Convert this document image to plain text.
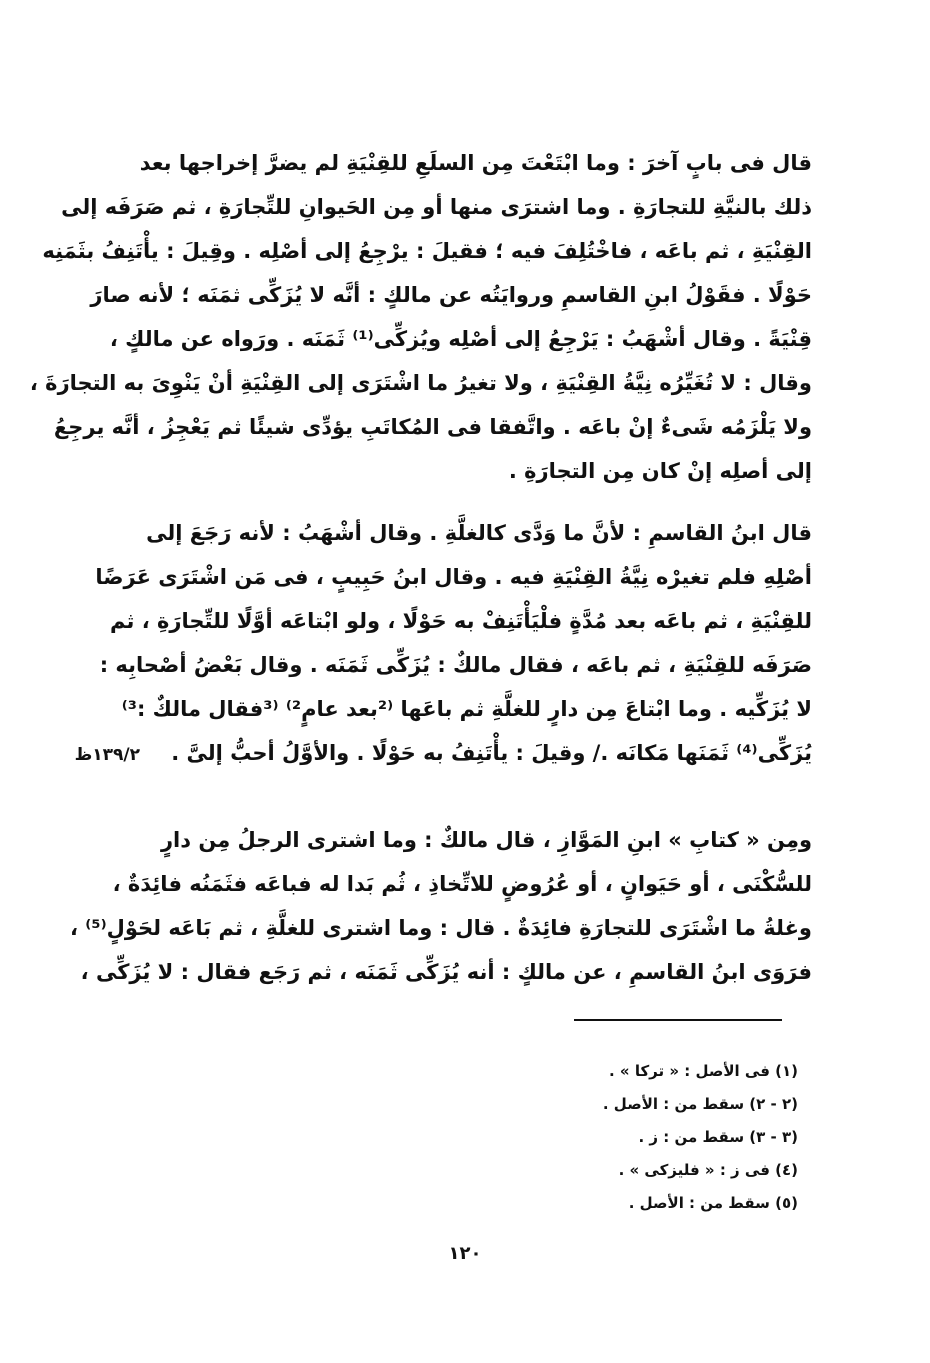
قال فى بابٍ آخرَ : وما ابْتَعْتَ مِن السلَعِ للقِنْيَةِ لم يضرَّ إخراجها بعد
ذلك بالنيَّةِ للتجارَةِ . وما اشترَى منها أو مِن الحَيوانِ للتِّجارَةِ ، ثم صَرَفَه إلى
القِنْيَةِ ، ثم باعَه ، فاخْتُلِفَ فيه ؛ فقيلَ : يرْجِعُ إلى أصْلِه . وقِيلَ : يأْتَنِفُ بثَمَنِه
حَوْلًا . فقَوْلُ ابنِ القاسمِ وروايَتُه عن مالكٍ : أنَّه لا يُزَكِّى ثمَنَه ؛ لأنه صارَ
قِنْيَةً . وقال أشْهَبُ : يَرْجِعُ إلى أصْلِه ويُزكِّى⁽¹⁾ ثَمَنَه . ورَواه عن مالكٍ ،
وقال : لا تُغَيِّرُه نِيَّةُ القِنْيَةِ ، ولا تغيرُ ما اشْتَرَى إلى القِنْيَةِ أنْ يَنْوِىَ به التجارَةَ ،
ولا يَلْزَمُه شَىءٌ إنْ باعَه . واتَّفقا فى المُكاتَبِ يؤدِّى شيئًا ثم يَعْجِزُ ، أنَّه يرجِعُ
إلى أصلِه إنْ كان مِن التجارَةِ .
قال ابنُ القاسمِ : لأنَّ ما وَدَّى كالغلَّةِ . وقال أشْهَبُ : لأنه رَجَعَ إلى
أصْلِهِ فلم تغيرْه نِيَّةُ القِنْيَةِ فيه . وقال ابنُ حَبِيبٍ ، فى مَن اشْتَرَى عَرَضًا
للقِنْيَةِ ، ثم باعَه بعد مُدَّةٍ فلْيَأْتَنِفْ به حَوْلًا ، ولو ابْتاعَه أوَّلًا للتِّجارَةِ ، ثم
صَرَفَه للقِنْيَةِ ، ثم باعَه ، فقال مالكٌ : يُزَكِّى ثَمَنَه . وقال بَعْضُ أصْحابِه :
لا يُزَكِّيه . وما ابْتاعَ مِن دارٍ للغلَّةِ ثم باعَها ⁽²بعد عامٍ²⁾ ⁽³فقال مالكٌ :³⁾
يُزَكِّى⁽⁴⁾ ثَمَنَها مَكانَه ./ وقيلَ : يأْتَنِفُ به حَوْلًا . والأوَّلُ أحبُّ إلىَّ .
١٣٩/٢ظ
ومِن « كتابِ » ابنِ المَوَّازِ ، قال مالكٌ : وما اشترى الرجلُ مِن دارٍ
للسُّكْنَى ، أو حَيَوانٍ ، أو عُرُوضٍ للاتِّخاذِ ، ثُم بَدا له فباعَه فثَمَنُه فائِدَةٌ ،
وغلةُ ما اشْتَرَى للتجارَةِ فائِدَةٌ . قال : وما اشترى للغلَّةِ ، ثم بَاعَه لحَوْلٍ⁽⁵⁾ ،
فرَوَى ابنُ القاسمِ ، عن مالكٍ : أنه يُزَكِّى ثَمَنَه ، ثم رَجَع فقال : لا يُزَكِّى ،
(١) فى الأصل : « تركا » .
(٢ - ٢) سقط من : الأصل .
(٣ - ٣) سقط من : ز .
(٤) فى ز : « فليزكى » .
(٥) سقط من : الأصل .
١٢٠
